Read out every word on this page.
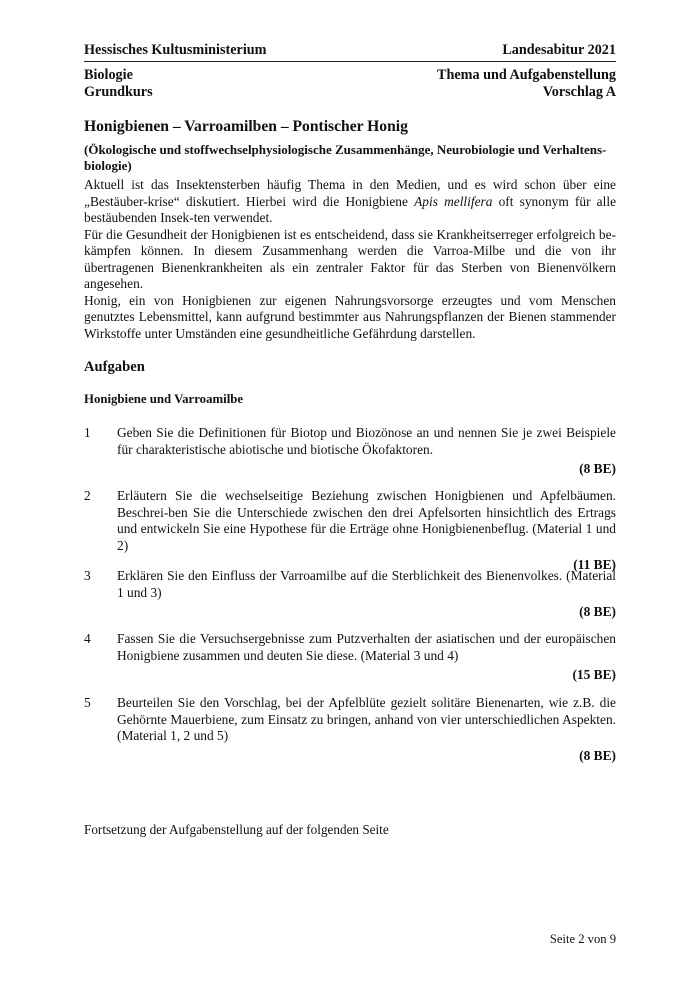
Hessisches Kultusministerium	Landesabitur 2021
Biologie
Grundkurs
Thema und Aufgabenstellung
Vorschlag A
Honigbienen – Varroamilben – Pontischer Honig
(Ökologische und stoffwechselphysiologische Zusammenhänge, Neurobiologie und Verhaltens-biologie)

Aktuell ist das Insektensterben häufig Thema in den Medien, und es wird schon über eine „Bestäuber-krise“ diskutiert. Hierbei wird die Honigbiene Apis mellifera oft synonym für alle bestäubenden Insek-ten verwendet.

Für die Gesundheit der Honigbienen ist es entscheidend, dass sie Krankheitserreger erfolgreich be-kämpfen können. In diesem Zusammenhang werden die Varroa-Milbe und die von ihr übertragenen Bienenkrankheiten als ein zentraler Faktor für das Sterben von Bienenvölkern angesehen.

Honig, ein von Honigbienen zur eigenen Nahrungsvorsorge erzeugtes und vom Menschen genutztes Lebensmittel, kann aufgrund bestimmter aus Nahrungspflanzen der Bienen stammender Wirkstoffe unter Umständen eine gesundheitliche Gefährdung darstellen.

Aufgaben
Honigbiene und Varroamilbe
1 Geben Sie die Definitionen für Biotop und Biozönose an und nennen Sie je zwei Beispiele für charakteristische abiotische und biotische Ökofaktoren.
(8 BE)
2 Erläutern Sie die wechselseitige Beziehung zwischen Honigbienen und Apfelbäumen. Beschrei-ben Sie die Unterschiede zwischen den drei Apfelsorten hinsichtlich des Ertrags und entwickeln Sie eine Hypothese für die Erträge ohne Honigbienenbeflug. (Material 1 und 2)
(11 BE)
3 Erklären Sie den Einfluss der Varroamilbe auf die Sterblichkeit des Bienenvolkes. (Material 1 und 3)
(8 BE)
4 Fassen Sie die Versuchsergebnisse zum Putzverhalten der asiatischen und der europäischen Honigbiene zusammen und deuten Sie diese. (Material 3 und 4)
(15 BE)
5 Beurteilen Sie den Vorschlag, bei der Apfelblüte gezielt solitäre Bienenarten, wie z.B. die Gehörnte Mauerbiene, zum Einsatz zu bringen, anhand von vier unterschiedlichen Aspekten. (Material 1, 2 und 5)
(8 BE)
Fortsetzung der Aufgabenstellung auf der folgenden Seite
Seite 2 von 9
